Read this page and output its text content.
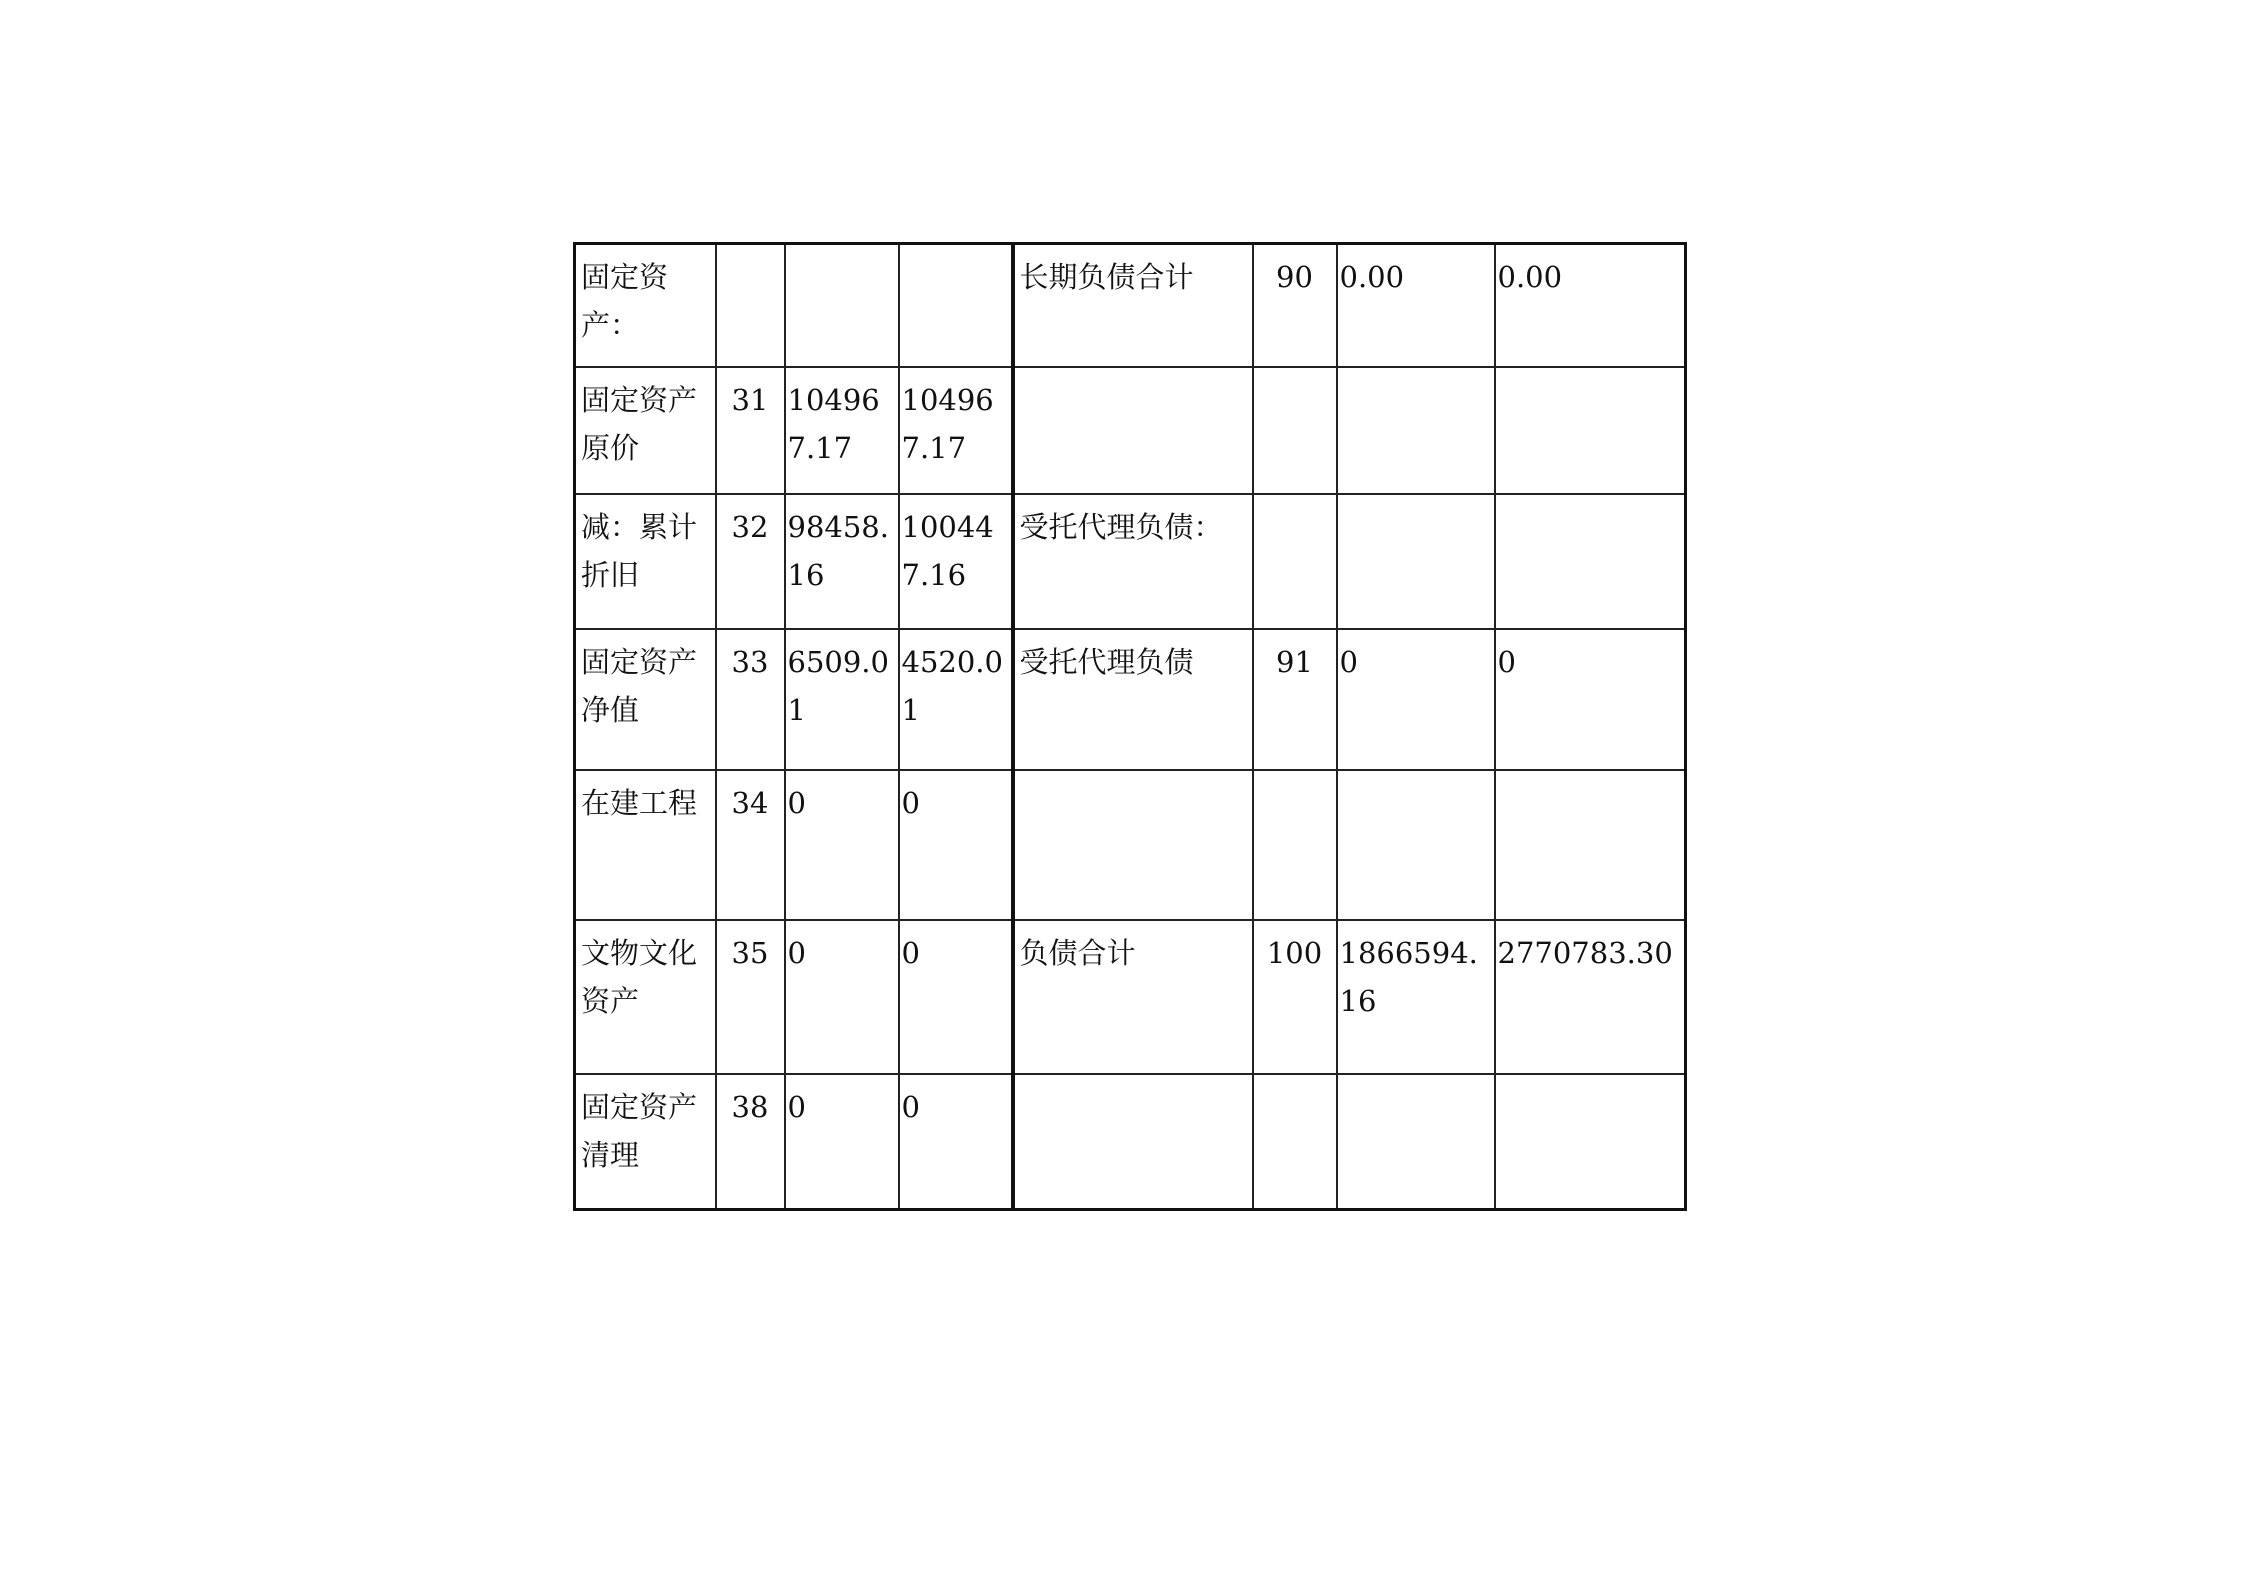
固定资产：				长期负债合计	90	0.00	0.00
固定资产原价	31	104967.17	104967.17				
减：累计折旧	32	98458.16	100447.16	受托代理负债：			
固定资产净值	33	6509.01	4520.01	受托代理负债	91	0	0
在建工程	34	0	0				
文物文化资产	35	0	0	负债合计	100	1866594.16	2770783.30
固定资产清理	38	0	0				
